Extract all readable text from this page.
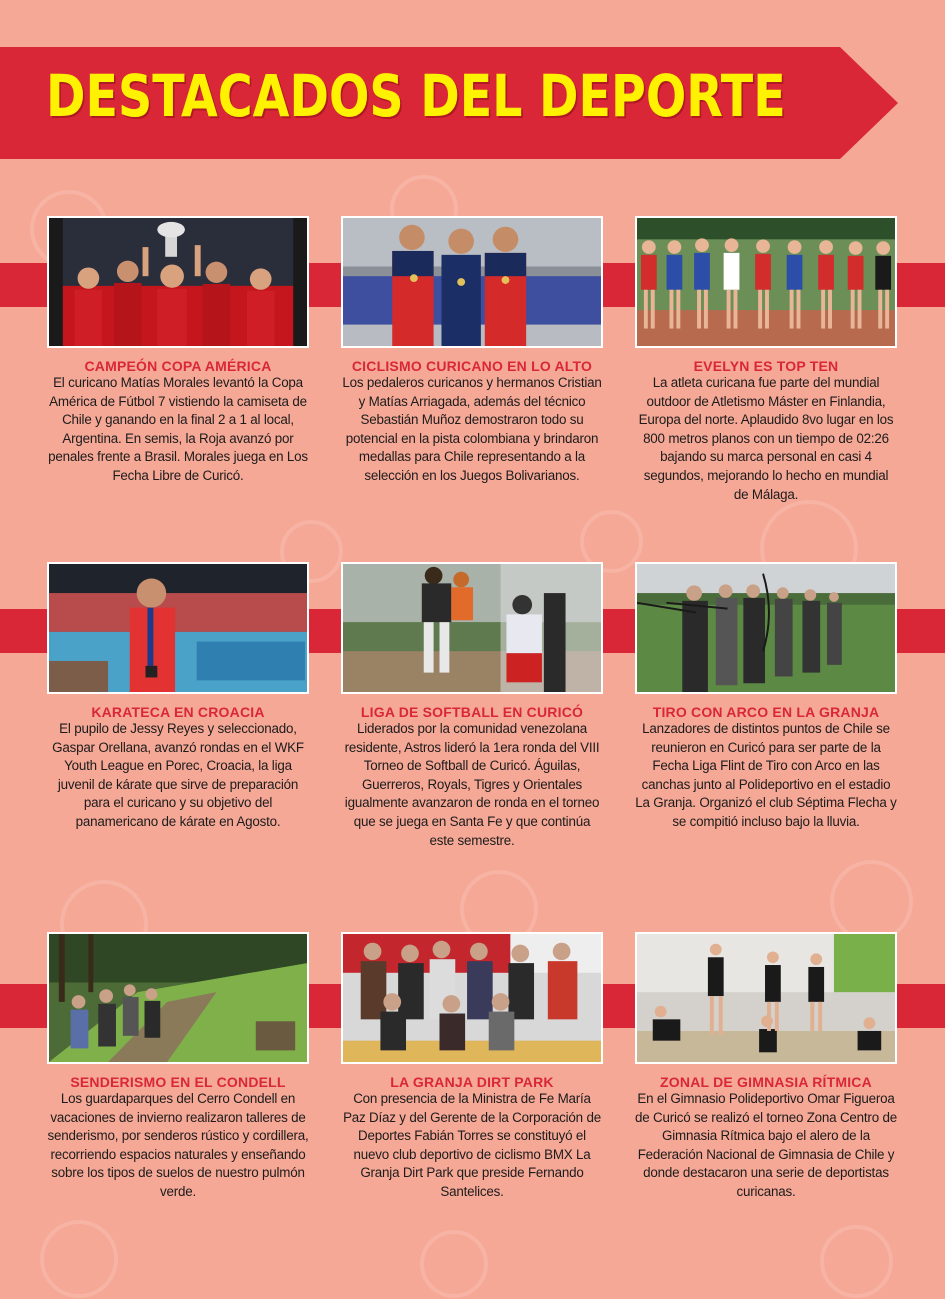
DESTACADOS DEL DEPORTE

CAMPEÓN COPA AMÉRICA

El curicano Matías Morales levantó la Copa América de Fútbol 7 vistiendo la camiseta de Chile y ganando en la final 2 a 1 al local, Argentina. En semis, la Roja avanzó por penales frente a Brasil. Morales juega en Los Fecha Libre de Curicó.

CICLISMO CURICANO EN LO ALTO

Los pedaleros curicanos y hermanos Cristian y Matías Arriagada, además del técnico Sebastián Muñoz demostraron todo su potencial en la pista colombiana y brindaron medallas para Chile representando a la selección en los Juegos Bolivarianos.

EVELYN ES TOP TEN

La atleta curicana fue parte del mundial outdoor de Atletismo Máster en Finlandia, Europa del norte. Aplaudido 8vo lugar en los 800 metros planos con un tiempo de 02:26 bajando su marca personal en casi 4 segundos, mejorando lo hecho en mundial de Málaga.

KARATECA EN CROACIA

El pupilo de Jessy Reyes y seleccionado, Gaspar Orellana, avanzó rondas en el WKF Youth League en Porec, Croacia, la liga juvenil de kárate que sirve de preparación para el curicano y su objetivo del panamericano de kárate en Agosto.

LIGA DE SOFTBALL EN CURICÓ

Liderados por la comunidad venezolana residente, Astros lideró la 1era ronda del VIII Torneo de Softball de Curicó. Águilas, Guerreros, Royals, Tigres y Orientales igualmente avanzaron de ronda en el torneo que se juega en Santa Fe y que continúa este semestre.

TIRO CON ARCO EN LA GRANJA

Lanzadores de distintos puntos de Chile se reunieron en Curicó para ser parte de la Fecha Liga Flint de Tiro con Arco en las canchas junto al Polideportivo en el estadio La Granja. Organizó el club Séptima Flecha y se compitió incluso bajo la lluvia.

SENDERISMO EN EL CONDELL

Los guardaparques del Cerro Condell en vacaciones de invierno realizaron talleres de senderismo, por senderos rústico y cordillera, recorriendo espacios naturales y enseñando sobre los tipos de suelos de nuestro pulmón verde.

LA GRANJA DIRT PARK

Con presencia de la Ministra de Fe María Paz Díaz y del Gerente de la Corporación de Deportes Fabián Torres se constituyó el nuevo club deportivo de ciclismo BMX La Granja Dirt Park que preside Fernando Santelices.

ZONAL DE GIMNASIA RÍTMICA

En el Gimnasio Polideportivo Omar Figueroa de Curicó se realizó el torneo Zona Centro de Gimnasia Rítmica bajo el alero de la Federación Nacional de Gimnasia de Chile y donde destacaron una serie de deportistas curicanas.
